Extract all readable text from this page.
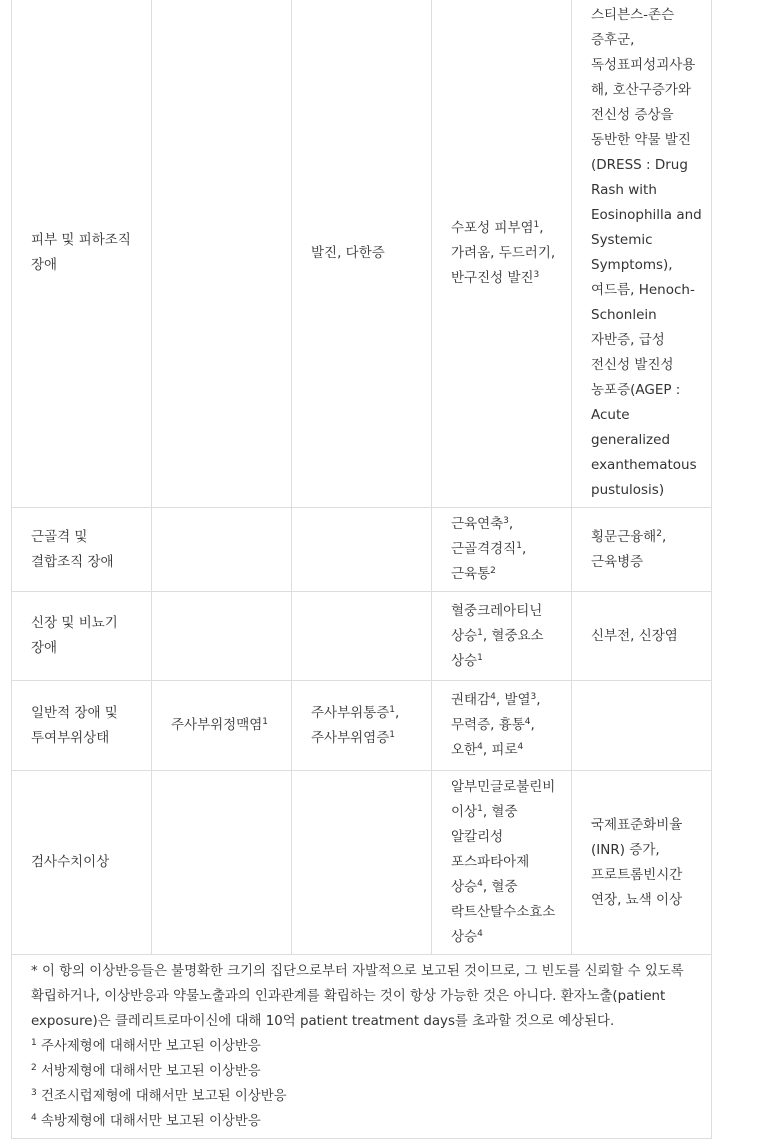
피부 및 피하조직 장애		발진, 다한증	수포성 피부염$^1$, 가려움, 두드러기, 반구진성 발진$^3$	스티븐스-존슨 증후군, 독성표피성괴사용해, 호산구증가와 전신성 증상을 동반한 약물 발진(DRESS : Drug Rash with Eosinophilla and Systemic Symptoms), 여드름, Henoch-Schonlein 자반증, 급성 전신성 발진성 농포증(AGEP : Acute generalized exanthematous pustulosis)
근골격 및 결합조직 장애			근육연축$^3$, 근골격경직$^1$, 근육통$^2$	횡문근융해$^2$, 근육병증
신장 및 비뇨기 장애			혈중크레아티닌 상승$^1$, 혈중요소 상승$^1$	신부전, 신장염
일반적 장애 및 투여부위상태	주사부위정맥염$^1$	주사부위통증$^1$, 주사부위염증$^1$	권태감$^4$, 발열$^3$, 무력증, 흉통$^4$, 오한$^4$, 피로$^4$	
검사수치이상			알부민글로불린비 이상$^1$, 혈중 알칼리성 포스파타아제 상승$^4$, 혈중 락트산탈수소효소 상승$^4$	국제표준화비율(INR) 증가, 프로트롬빈시간 연장, 뇨색 이상

* 이 항의 이상반응들은 불명확한 크기의 집단으로부터 자발적으로 보고된 것이므로, 그 빈도를 신뢰할 수 있도록 확립하거나, 이상반응과 약물노출과의 인과관계를 확립하는 것이 항상 가능한 것은 아니다. 환자노출(patient exposure)은 클레리트로마이신에 대해 10억 patient treatment days를 초과할 것으로 예상된다.
$^1$ 주사제형에 대해서만 보고된 이상반응
$^2$ 서방제형에 대해서만 보고된 이상반응
$^3$ 건조시럽제형에 대해서만 보고된 이상반응
$^4$ 속방제형에 대해서만 보고된 이상반응				
